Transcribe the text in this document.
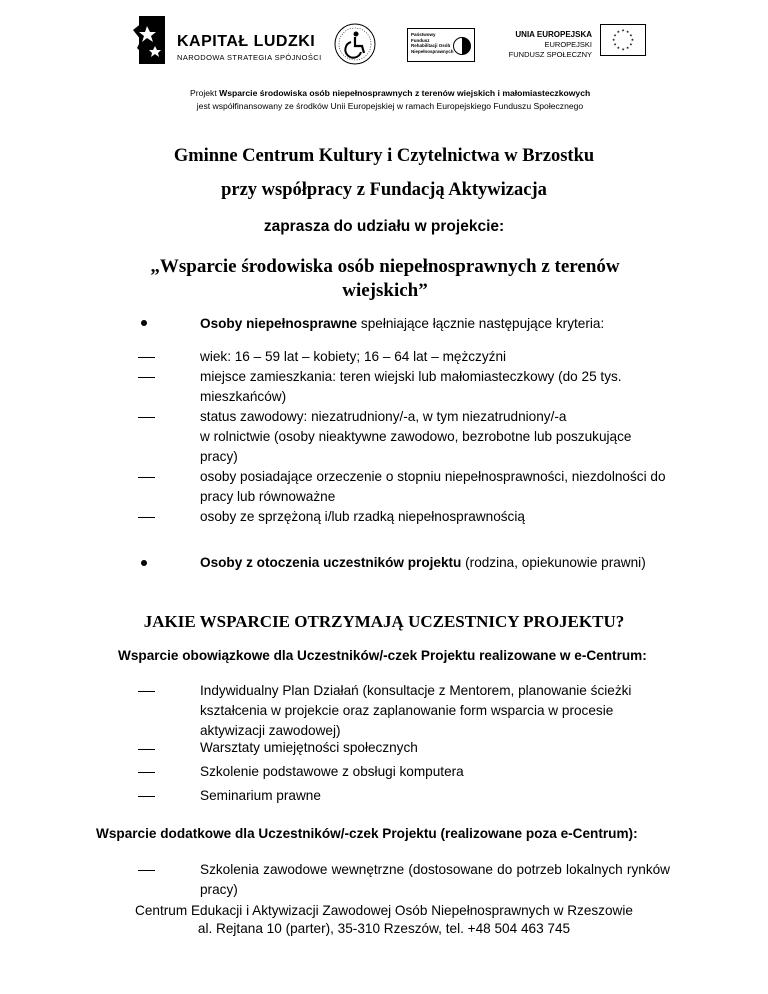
KAPITAŁ LUDZKI
NARODOWA STRATEGIA SPÓJNOŚCI
Państwowy Fundusz Rehabilitacji Osób Niepełnosprawnych
UNIA EUROPEJSKA
EUROPEJSKI
FUNDUSZ SPOŁECZNY
★ ★
★
★
★
★
★
★
★
★
★
★
Projekt Wsparcie środowiska osób niepełnosprawnych z terenów wiejskich i małomiasteczkowych
jest współfinansowany ze środków Unii Europejskiej w ramach Europejskiego Funduszu Społecznego
Gminne Centrum Kultury i Czytelnictwa w Brzostku
przy współpracy z Fundacją Aktywizacja
zaprasza do udziału w projekcie:
„Wsparcie środowiska osób niepełnosprawnych z terenów wiejskich”
Osoby niepełnosprawne spełniające łącznie następujące kryteria:
wiek: 16 – 59 lat – kobiety; 16 – 64 lat – mężczyźni
miejsce zamieszkania: teren wiejski lub małomiasteczkowy (do 25 tys. mieszkańców)
status zawodowy: niezatrudniony/-a, w tym niezatrudniony/-a
w rolnictwie (osoby nieaktywne zawodowo, bezrobotne lub poszukujące pracy)
osoby posiadające orzeczenie o stopniu niepełnosprawności, niezdolności do pracy lub równoważne
osoby ze sprzężoną i/lub rzadką niepełnosprawnością
Osoby z otoczenia uczestników projektu (rodzina, opiekunowie prawni)
JAKIE WSPARCIE OTRZYMAJĄ UCZESTNICY PROJEKTU?
Wsparcie obowiązkowe dla Uczestników/-czek Projektu realizowane w e-Centrum:
Indywidualny Plan Działań (konsultacje z Mentorem, planowanie ścieżki kształcenia w projekcie oraz zaplanowanie form wsparcia w procesie aktywizacji zawodowej)
Warsztaty umiejętności społecznych
Szkolenie podstawowe z obsługi komputera
Seminarium prawne
Wsparcie dodatkowe dla Uczestników/-czek Projektu (realizowane poza e-Centrum):
Szkolenia zawodowe wewnętrzne (dostosowane do potrzeb lokalnych rynków pracy)
Centrum Edukacji i Aktywizacji Zawodowej Osób Niepełnosprawnych w Rzeszowie
al. Rejtana 10 (parter), 35-310 Rzeszów, tel. +48 504 463 745
